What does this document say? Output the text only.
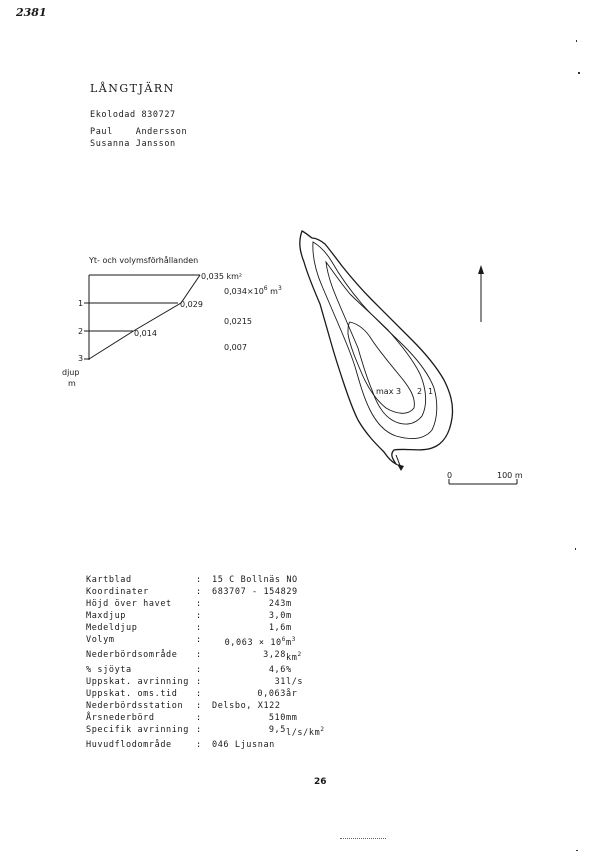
2381
LÅNGTJÄRN
Ekolodad 830727
Paul    Andersson
Susanna Jansson
Yt- och volymsförhållanden
1
2
3
djup
m
0,035 km²
0,029
0,014
$0,034\times 10^6$ $m^3$
0,0215
0,007
max 3 2 1
0	100 m
Kartblad	:	15 C Bollnäs NO	
Koordinater	:	683707 - 154829	
Höjd över havet	:	243	m
Maxdjup	:	3,0	m
Medeldjup	:	1,6	m
Volym	:	$0,063 \times 10^6$	$m^3$
Nederbördsområde	:	3,28	$km^2$
% sjöyta	:	4,6	%
Uppskat. avrinning	:	31	l/s
Uppskat. oms.tid	:	0,063	år
Nederbördsstation	:	Delsbo, X122	
Årsnederbörd	:	510	mm
Specifik avrinning	:	9,5	$l/s/km^2$
Huvudflodområde	:	046 Ljusnan	
26
